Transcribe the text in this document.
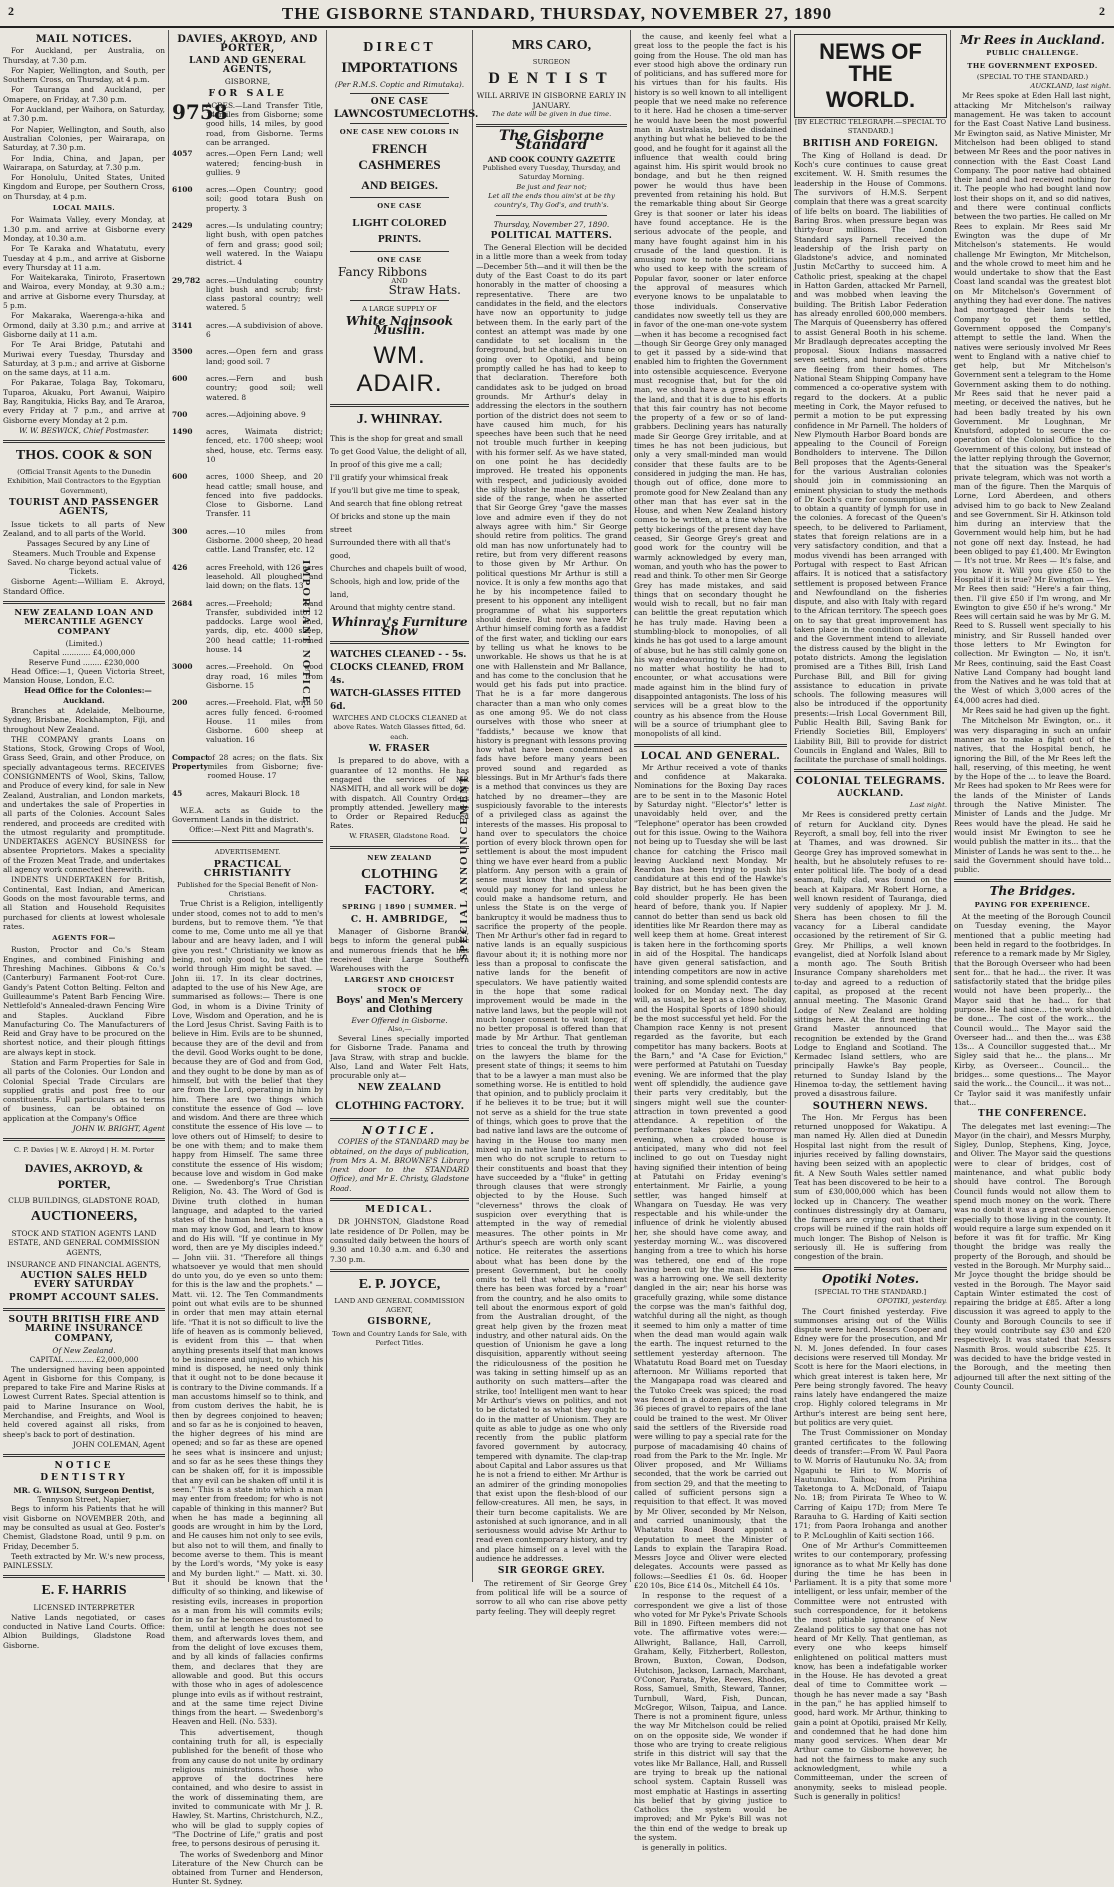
2	THE GISBORNE STANDARD, THURSDAY, NOVEMBER 27, 1890	2
MAIL NOTICES.

For Auckland, per Australia, on Thursday, at 7.30 p.m.

For Napier, Wellington, and South, per Southern Cross, on Thursday, at 4 p.m.

For Tauranga and Auckland, per Omapere, on Friday, at 7.30 p.m.

For Auckland, per Waihora, on Saturday, at 7.30 p.m.

For Napier, Wellington, and South, also Australian Colonies, per Wairarapa, on Saturday, at 7.30 p.m.

For India, China, and Japan, per Wairarapa, on Saturday, at 7.30 p.m.

For Honolulu, United States, United Kingdom and Europe, per Southern Cross, on Thursday, at 4 p.m.

LOCAL MAILS.

For Waimata Valley, every Monday, at 1.30 p.m. and arrive at Gisborne every Monday, at 10.30 a.m.

For Te Karaka and Whatatutu, every Tuesday at 4 p.m., and arrive at Gisborne every Thursday at 11 a.m.

For Waitekaraka, Tiniroto, Frasertown and Wairoa, every Monday, at 9.30 a.m.; and arrive at Gisborne every Thursday, at 5 p.m.

For Makaraka, Waerenga-a-hika and Ormond, daily at 3.30 p.m.; and arrive at Gisborne daily at 11 a.m.

For Te Arai Bridge, Patutahi and Muriwai every Tuesday, Thursday and Saturday, at 3 p.m.; and arrive at Gisborne on the same days, at 11 a.m.

For Pakarae, Tolaga Bay, Tokomaru, Tuparoa, Akuaku, Port Awanui, Waipiro Bay, Rangitukia, Hicks Bay, and Te Araroa, every Friday at 7 p.m., and arrive at Gisborne every Monday at 2 p.m.

W. W. BESWICK, Chief Postmaster.
THOS. COOK & SON
(Official Transit Agents to the Dunedin Exhibition, Mail Contractors to the Egyptian Government),
TOURIST AND PASSENGER AGENTS,

Issue tickets to all parts of New Zealand, and to all parts of the World.

Passages Secured by any Line of Steamers. Much Trouble and Expense Saved. No charge beyond actual value of Tickets.

Gisborne Agent:—William E. Akroyd, Standard Office.

NEW ZEALAND LOAN AND MERCANTILE AGENCY COMPANY
(Limited.)
Capital ............ £4,000,000
Reserve Fund ........ £230,000

Head Office:—1, Queen Victoria Street, Mansion House, London, E.C.

Head Office for the Colonies:—Auckland.

Branches at Adelaide, Melbourne, Sydney, Brisbane, Rockhampton, Fiji, and throughout New Zealand.

THE COMPANY grants Loans on Stations, Stock, Growing Crops of Wool, Grass Seed, Grain, and other Produce, on specially advantageous terms. RECEIVES CONSIGNMENTS of Wool, Skins, Tallow, and Produce of every kind, for sale in New Zealand, Australian, and London markets, and undertakes the sale of Properties in all parts of the Colonies. Account Sales rendered, and proceeds are credited with the utmost regularity and promptitude. UNDERTAKES AGENCY BUSINESS for absentee Proprietors. Makes a speciality of the Frozen Meat Trade, and undertakes all agency work connected therewith.

INDENTS UNDERTAKEN for British, Continental, East Indian, and American Goods on the most favourable terms, and all Station and Household Requisites purchased for clients at lowest wholesale rates.

AGENTS FOR—

Ruston, Proctor and Co.'s Steam Engines, and combined Finishing and Threshing Machines. Gibbons & Co.'s (Canterbury) Farmanent Foot-rot Cure. Gandy's Patent Cotton Belting. Felton and Guilleaumme's Patent Barb Fencing Wire. Nettlefold's Annealed-drawn Fencing Wire and Staples. Auckland Fibre Manufacturing Co. The Manufacturers of Reid and Gray have to be procured on the shortest notice, and their plough fittings are always kept in stock.

Station and Farm Properties for Sale in all parts of the Colonies. Our London and Colonial Special Trade Circulars are supplied gratis and post free to our constituents. Full particulars as to terms of business, can be obtained on application at the Company's Office

JOHN W. BRIGHT, Agent
C. P. Davies | W. E. Akroyd | H. M. Porter
DAVIES, AKROYD, & PORTER,
CLUB BUILDINGS, GLADSTONE ROAD,
AUCTIONEERS,
STOCK AND STATION AGENTS LAND ESTATE, AND GENERAL COMMISSION AGENTS,
INSURANCE AND FINANCIAL AGENTS,
AUCTION SALES HELD EVERY SATURDAY
PROMPT ACCOUNT SALES.
SOUTH BRITISH FIRE AND MARINE INSURANCE COMPANY,
Of New Zealand.
CAPITAL ............ £2,000,000

The undersigned having been appointed Agent in Gisborne for this Company, is prepared to take Fire and Marine Risks at Lowest Current Rates. Special attention is paid to Marine Insurance on Wool, Merchandise, and Freights, and Wool is held covered against all risks, from sheep's back to port of destination.

JOHN COLEMAN, Agent
NOTICE
DENTISTRY
MR. G. WILSON, Surgeon Dentist,
Tennyson Street, Napier,

Begs to inform his Patients that he will visit Gisborne on NOVEMBER 20th, and may be consulted as usual at Geo. Foster's Chemist, Gladstone Road, until 9 p.m. on Friday, December 5.

Teeth extracted by Mr. W.'s new process, PAINLESSLY.

E. F. HARRIS
LICENSED INTERPRETER

Native Lands negotiated, or cases conducted in Native Land Courts. Office: Albion Buildings, Gladstone Road Gisborne.

DAVIES, AKROYD, AND PORTER,
LAND AND GENERAL AGENTS,
GISBORNE,
FOR SALE
9758
ACRES.—Land Transfer Title, 14 miles from Gisborne; some good hills, 14 miles, by good road, from Gisborne. Terms can be arranged.
4057	acres.—Open Fern Land; well watered; fencing-bush in gullies. 9
6100	acres.—Open Country; good soil; good totara Bush on property. 3
2429	acres.—Is undulating country; light bush, with open patches of fern and grass; good soil; well watered. In the Waiapu district. 4
29,782 acres.—Undulating country light bush and scrub; first-class pastoral country; well watered. 5
3141	acres.—A subdivision of above. 6
3500	acres.—Open fern and grass land; good soil. 7
600	acres.—Fern and bush country; good soil; well watered. 8
700	acres.—Adjoining above. 9
1490	acres, Waimata district; fenced, etc. 1700 sheep; wool shed, house, etc. Terms easy. 10
600	acres, 1000 Sheep, and 20 head cattle; small house, and fenced into five paddocks. Close to Gisborne. Land Transfer. 11
300	acres.—10 miles from Gisborne. 2000 sheep, 20 head cattle. Land Transfer, etc. 12
426	acres Freehold, with 126 acres leasehold. All ploughed and laid down; on the flats. 13
2684	acres.—Freehold; Land Transfer, subdivided into 12 paddocks. Large wool shed, yards, dip, etc. 4000 sheep, 200 head cattle; 11-roomed house. 14
3000	acres.—Freehold. On good dray road, 16 miles from Gisborne. 15
200	acres.—Freehold. Flat, with 50 acres fully fenced. 6-roomed House. 11 miles from Gisborne. 600 sheep at valuation. 16
Compact Property
of 28 acres; on the flats. Six miles from Gisborne; five-roomed House. 17
45	acres, Makauri Block. 18

W.E.A. acts as Guide to the Government Lands in the district.

Office:—Next Pitt and Magrath's.

ADVERTISEMENT.
PRACTICAL CHRISTIANITY
Published for the Special Benefit of Non-Christians.

True Christ is a Religion, intelligently under stood, comes not to add to men's burdens, but to remove them. "Ye that come to me, Come unto me all ye that labour and are heavy laden, and I will give you rest." Christianity we know as being, not only good to, but that the world through Him might be saved. — John iii. 17. In its clear doctrines, adapted to the use of his New Age, are summarised as follows:— There is one God, in whom is a Divine Trinity of Love, Wisdom and Operation, and he is the Lord Jesus Christ. Saving Faith is to believe in Him. Evils are to be shunned, because they are of the devil and from the devil. Good Works ought to be done, because they are of God and from God, and they ought to be done by man as of himself, but with the belief that they are from the Lord, operating in him by him. There are two things which constitute the essence of God — love and wisdom. And there are three which constitute the essence of His love — to love others out of Himself; to desire to be one with them; and to make them happy from Himself. The same three constitute the essence of His wisdom; because love and wisdom in God make one. — Swedenborg's True Christian Religion, No. 43. The Word of God is Divine truth clothed in human language, and adapted to the varied states of the human heart, that thus a man may know God, and learn to know and do His will. "If ye continue in My word, then are ye My disciples indeed." — John viii. 31. "Therefore all things whatsoever ye would that men should do unto you, do ye even so unto them: for this is the law and the prophets." — Matt. vii. 12. The Ten Commandments point out what evils are to be shunned in order that men may attain eternal life. "That it is not so difficult to live the life of heaven as is commonly believed, is evident from this — that when anything presents itself that man knows to be insincere and unjust, to which his mind is disposed, he need only think that it ought not to be done because it is contrary to the Divine commands. If a man accustoms himself so to think, and from custom derives the habit, he is then by degrees conjoined to heaven; and so far as he is conjoined to heaven, the higher degrees of his mind are opened; and so far as these are opened he sees what is insincere and unjust; and so far as he sees these things they can be shaken off, for it is impossible that any evil can be shaken off until it is seen." This is a state into which a man may enter from freedom; for who is not capable of thinking in this manner? But when he has made a beginning all goods are wrought in him by the Lord, and He causes him not only to see evils, but also not to will them, and finally to become averse to them. This is meant by the Lord's words, "My yoke is easy and My burden light." — Matt. xi. 30. But it should be known that the difficulty of so thinking, and likewise of resisting evils, increases in proportion as a man from his will commits evils; for in so far he becomes accustomed to them, until at length he does not see them, and afterwards loves them, and from the delight of love excuses them, and by all kinds of fallacies confirms them, and declares that they are allowable and good. But this occurs with those who in ages of adolescence plunge into evils as if without restraint, and at the same time reject Divine things from the heart. — Swedenborg's Heaven and Hell. (No. 533).

This advertisement, though containing truth for all, is especially published for the benefit of those who from any cause do not unite by ordinary religious ministrations. Those who approve of the doctrines here contained, and who desire to assist in the work of disseminating them, are invited to communicate with Mr J. R. Hawley, St. Martins, Christchurch, N.Z., who will be glad to supply copies of "The Doctrine of Life," gratis and post free, to persons desirous of perusing it.

The works of Swedenborg and Minor Literature of the New Church can be obtained from Turner and Henderson, Hunter St. Sydney.

DIRECT
IMPORTATIONS
(Per R.M.S. Coptic and Rimutaka).
ONE CASE
LAWN COSTUME CLOTHS.
ONE CASE NEW COLORS IN
FRENCH CASHMERES
AND BEIGES.
ONE CASE
LIGHT COLORED PRINTS.
ONE CASE
Fancy Ribbons
AND
Straw Hats.
A LARGE SUPPLY OF
White Nainsook Muslin.
WM. ADAIR.
J. WHINRAY.
This is the shop for great and small
To get Good Value, the delight of all,
In proof of this give me a call;
I'll gratify your whimsical freak
If you'll but give me time to speak,
And search that fine oblong retreat
Of bricks and stone up the main street
Surrounded there with all that's good,
Churches and chapels built of wood,
Schools, high and low, pride of the land,
Around that mighty centre stand.
Whinray's Furniture Show
WATCHES CLEANED - - 5s.
CLOCKS CLEANED, FROM 4s.
WATCH-GLASSES FITTED 6d.
WATCHES AND CLOCKS CLEANED at above Rates. Watch Glasses fitted, 6d. each.
W. FRASER

Is prepared to do above, with a guarantee of 12 months. He has engaged the services of MR NASMITH, and all work will be done with dispatch. All Country Orders promptly attended. Jewellery made to Order or Repaired Reduced Rates.

W. FRASER, Gladstone Road.
NEW ZEALAND
CLOTHING FACTORY.
SPRING | 1890 | SUMMER.
C. H. AMBRIDGE,

Manager of Gisborne Branch, begs to inform the general public and numerous friends that he has received their Large Southern Warehouses with the

LARGEST AND CHOICEST STOCK OF
Boys' and Men's Mercery and Clothing
Ever Offered in Gisborne.
Also,—

Several Lines specially imported for Gisborne Trade. Panama and Java Straw, with strap and buckle. Also, Land and Water Felt Hats, procurable only at—

NEW ZEALAND
CLOTHING FACTORY.
NOTICE.

COPIES of the STANDARD may be obtained, on the days of publication, from Mrs A. M. BROWNE'S Library (next door to the STANDARD Office), and Mr E. Christy, Gladstone Road.

MEDICAL.

DR JOHNSTON, Gladstone Road late residence of Dr Pollen, may be consulted daily between the hours of 9.30 and 10.30 a.m. and 6.30 and 7.30 p.m.

E. P. JOYCE,
LAND AND GENERAL COMMISSION AGENT,
GISBORNE,
Town and Country Lands for Sale, with Perfect Titles.
SPECIAL ANNOUNCEMENT.
IMPORTANT NOTICE.
MRS CARO,
SURGEON
DENTIST
WILL ARRIVE IN GISBORNE EARLY IN JANUARY.
The date will be given in due time.
The Gisborne Standard
AND COOK COUNTY GAZETTE
Published every Tuesday, Thursday, and Saturday Morning.
Be just and fear not;
Let all the ends thou aim'st at be thy country's, Thy God's, and truth's.
Thursday, November 27, 1890.
POLITICAL MATTERS.

The General Election will be decided in a little more than a week from today—December 5th—and it will then be the duty of the East Coast to do its part honorably in the matter of choosing a representative. There are two candidates in the field, and the electors have now an opportunity to judge between them. In the early part of the contest an attempt was made by one candidate to set localism in the foreground, but he changed his tune on going over to Opotiki, and being promptly called he has had to keep to that declaration. Therefore both candidates ask to be judged on broad grounds. Mr Arthur's delay in addressing the electors in the southern portion of the district does not seem to have caused him much, for his speeches have been such that he need not trouble much further in keeping with his former self. As we have stated, on one point he has decidedly improved. He treated his opponents with respect, and judiciously avoided the silly bluster he made on the other side of the range, when he asserted that Sir George Grey "gave the masses love and admire even if they do not always agree with him." Sir George should retire from politics. The grand old man has now unfortunately had to retire, but from very different reasons to those given by Mr Arthur. On political questions Mr Arthur is still a novice. It is only a few months ago that he by his incompetence failed to present to his opponent any intelligent programme of what his supporters should desire. But now we have Mr Arthur himself coming forth as a faddist of the first water, and tickling our ears by telling us what he knows to be unworkable. He shows us that he is at one with Hallenstein and Mr Ballance, and has come to the conclusion that he would get his fads put into practice. That he is a far more dangerous character than a man who only comes as one among 95. We do not class ourselves with those who sneer at "faddists," because we know that history is pregnant with lessons proving how what have been condemned as fads have before many years been proved sound and regarded as blessings. But in Mr Arthur's fads there is a method that convinces us they are hatched by no dreamer—they are suspiciously favorable to the interests of a privileged class as against the interests of the masses. His proposal to hand over to speculators the choice portion of every block thrown open for settlement is about the most impudent thing we have ever heard from a public platform. Any person with a grain of sense must know that no speculator would pay money for land unless he could make a handsome return, and unless the State is on the verge of bankruptcy it would be madness thus to sacrifice the property of the people. Then Mr Arthur's other fad in regard to native lands is an equally suspicious flavour about it; it is nothing more nor less than a proposal to confiscate the native lands for the benefit of speculators. We have patiently waited in the hope that some radical improvement would be made in the native land laws, but the people will not much longer consent to wait longer, if no better proposal is offered than that made by Mr Arthur. That gentleman tries to conceal the truth by throwing on the lawyers the blame for the present state of things; it seems to him that to be a lawyer a man must also be something worse. He is entitled to hold that opinion, and to publicly proclaim it if he believes it to be true; but it will not serve as a shield for the true state of things, which goes to prove that the bad native land laws are the outcome of having in the House too many men mixed up in native land transactions — men who do not scruple to return to their constituents and boast that they have succeeded by a "fluke" in getting through clauses that were strongly objected to by the House. Such "cleverness" throws the cloak of suspicion over everything that is attempted in the way of remedial measures. The other points in Mr Arthur's speech are worth only scant notice. He reiterates the assertions about what has been done by the present Government, but he coolly omits to tell that what retrenchment there has been was forced by a "roar" from the country, and he also omits to tell about the enormous export of gold from the Australian drought, of the great help given by the frozen meat industry, and other natural aids. On the question of Unionism he gave a long disquisition, apparently without seeing the ridiculousness of the position he was taking in setting himself up as an authority on such matters—after the strike, too! Intelligent men want to hear Mr Arthur's views on politics, and not to be dictated to as what they ought to do in the matter of Unionism. They are quite as able to judge as one who only recently from the public platform favored government by autocracy, tempered with dynamite. The clap-trap about Capital and Labor assures us that he is not a friend to either. Mr Arthur is an admirer of the grinding monopolies that exist upon the flesh-blood of our fellow-creatures. All men, he says, in their turn become capitalists. We are astonished at such ignorance, and in all seriousness would advise Mr Arthur to read even contemporary history, and try and place himself on a level with the audience he addresses.

SIR GEORGE GREY.

The retirement of Sir George Grey from political life will be a source of sorrow to all who can rise above petty party feeling. They will deeply regret

the cause, and keenly feel what a great loss to the people the fact is his going from the House. The old man has ever stood high above the ordinary run of politicians, and has suffered more for his virtues than for his faults. His history is so well known to all intelligent people that we need make no reference to it here. Had he chosen a time-server he would have been the most powerful man in Australasia, but he disdained anything but what he believed to be the good, and he fought for it against all the influence that wealth could bring against him. His spirit would brook no bondage, and but he then reigned power he would thus have been prevented from retaining his hold. But the remarkable thing about Sir George Grey is that sooner or later his ideas have found acceptance. He is the serious advocate of the people, and many have fought against him in his crusade of the land question. It is amusing now to note how politicians who used to keep with the scream of Popular favor, sooner or later enforce the approval of measures which everyone knows to be unpalatable to those individuals. Conservative candidates now sweetly tell us they are in favor of the one-man one-vote system—when it has become a recognised fact—though Sir George Grey only managed to get it passed by a side-wind that enabled him to frighten the Government into ostensible acquiescence. Everyone must recognise that, but for the old man, we should have a great speak in the land, and that it is due to his efforts that this fair country has not become the property of a few or so of land-grabbers. Declining years has naturally made Sir George Grey irritable, and at times he has not been judicious, but only a very small-minded man would consider that these faults are to be considered in judging the man. He has, though out of office, done more to promote good for New Zealand than any other man that has ever sat in the House, and when New Zealand history comes to be written, at a time when the petty bickerings of the present day have ceased, Sir George Grey's great and good work for the country will be warmly acknowledged by every man, woman, and youth who has the power to read and think. To other men Sir George Grey has made mistakes, and said things that on secondary thought he would wish to recall, but no fair man can belittle the great reputation which he has truly made. Having been a stumbling-block to monopolies, of all kinds he has got used to a large amount of abuse, but he has still calmly gone on his way endeavouring to do the utmost, no matter what hostility he had to encounter, or what accusations were made against him in the blind fury of disappointed antagonists. The loss of his services will be a great blow to the country as his absence from the House will be a source of triumphant glee to monopolists of all kind.

LOCAL AND GENERAL.

Mr Arthur received a vote of thanks and confidence at Makaraka. Nominations for the Boxing Day races are to be sent in to the Masonic Hotel by Saturday night. "Elector's" letter is unavoidably held over, and the "Telephone" operator has been crowded out for this issue. Owing to the Waihora not being up to Tuesday she will be last chance for catching the Frisco mail leaving Auckland next Monday. Mr Reardon has been trying to push his candidature at this end of the Hawke's Bay district, but he has been given the cold shoulder properly. He has been heard of before, thank you. If Napier cannot do better than send us back old identities like Mr Reardon there may as well keep them at home. Great interest is taken here in the forthcoming sports in aid of the Hospital. The handicaps have given general satisfaction, and intending competitors are now in active training, and some splendid contests are looked for on Monday next. The day will, as usual, be kept as a close holiday, and the Hospital Sports of 1890 should be the most successful yet held. For the Champion race Kenny is not present regarded as the favorite, but each competitor has many backers. Boots at the Barn," and "A Case for Eviction," were performed at Patutahi on Tuesday evening. We are informed that the play went off splendidly, the audience gave their parts very creditably, but the singers might well sue the counter-attraction in town prevented a good attendance. A repetition of the performance takes place to-morrow evening, when a crowded house is anticipated, many who did not feel inclined to go out on Tuesday night having signified their intention of being at Patutahi on Friday evening's entertainment. Mr Fairlie, a young settler, was hanged himself at Whangara on Tuesday. He was very respectable and his while-under the influence of drink he violently abused her, she should have come away, and yesterday morning W... was discovered hanging from a tree to which his horse was tethered, one end of the rope having been cut by the man. His horse was a harrowing one. We sell dexterity dangled in the air; near his horse was gracefully grazing, while some distance the corpse was the man's faithful dog, watchful during all the night, as though it seemed to him only a matter of time when the dead man would again walk the earth. The inquest returned to the settlement yesterday afternoon. The Whatatutu Road Board met on Tuesday afternoon. Mr Williams reported that the Mangapapa road was cleared and the Tutoko Creek was spiced; the road was fenced in a dozen places, and that 36 pieces of gravel to repairs of the lane could be trained to the west. Mr Oliver said the settlers of the Riverside road were willing to pay a special rate for the purpose of macadamising 40 chains of road from the Park to the Mr. Ingle. Mr Oliver proposed, and Mr Williams seconded, that the work be carried out from section 29, and that the meeting to called of sufficient persons sign a requisition to that effect. It was moved by Mr Oliver, seconded by Mr Nelson, and carried unanimously, that the Whatatutu Road Board appoint a deputation to meet the Minister of Lands to explain the Tarapira Road. Messrs Joyce and Oliver were elected delegates. Accounts were passed as follows:—Seedlies £1 0s. 6d. Hooper £20 10s, Bice £14 0s., Mitchell £4 10s.

In response to the request of a correspondent we give a list of those who voted for Mr Pyke's Private Schools Bill in 1890. Fifteen members did not vote. The affirmative votes were:—Allwright, Ballance, Hall, Carroll, Graham, Kelly, Fitzherbert, Rolleston, Brown, Buxton, Cowan, Dodson, Hutchison, Jackson, Larnach, Marchant, O'Conor, Parata, Pyke, Reeves, Rhodes, Ross, Samuel, Smith, Steward, Tanner, Turnbull, Ward, Fish, Duncan, McGregor, Wilson, Taipua, and Lance. There is not a prominent figure, unless the way Mr Mitchelson could be relied on on the opposite side, We wonder if those who are trying to create religious strife in this district will say that the votes like Mr Ballance, Hall, and Russell are trying to break up the national school system. Captain Russell was most emphatic at Hastings in asserting his belief that by giving justice to Catholics the system would be improved; and Mr Pyke's Bill was not the thin end of the wedge to break up the system.

is generally in politics.

NEWS OF THE
WORLD.
[BY ELECTRIC TELEGRAPH.—SPECIAL TO STANDARD.]
BRITISH AND FOREIGN.

The King of Holland is dead. Dr Koch's cure continues to cause great excitement. W. H. Smith resumes the leadership in the House of Commons. The survivors of H.M.S. Serpent complain that there was a great scarcity of life belts on board. The liabilities of Baring Bros. when pressure began was thirty-four millions. The London Standard says Parnell received the leadership of the Irish party on Gladstone's advice, and nominated Justin McCarthy to succeed him. A Catholic priest, speaking at the chapel in Hatton Garden, attacked Mr Parnell, and was mobbed when leaving the building. The British Labor Federation has already enrolled 600,000 members. The Marquis of Queensberry has offered to assist General Booth in his scheme. Mr Bradlaugh deprecates accepting the proposal. Sioux Indians massacred seven settlers, and hundreds of others are fleeing from their homes. The National Steam Shipping Company have commenced a co-operative system with regard to the dockers. At a public meeting in Cork, the Mayor refused to permit a motion to be put expressing confidence in Mr Parnell. The holders of New Plymouth Harbor Board bonds are appealing to the Council of Foreign Bondholders to intervene. The Dillon Bell proposes that the Agents-General for the various Australian colonies should join in commissioning an eminent physician to study the methods of Dr Koch's cure for consumption, and to obtain a quantity of lymph for use in the colonies. A forecast of the Queen's speech, to be delivered to Parliament, states that foreign relations are in a very satisfactory condition, and that a modus vivendi has been arranged with Portugal with respect to East African affairs. It is noticed that a satisfactory settlement is proposed between France and Newfoundland on the fisheries dispute, and also with Italy with regard to the African territory. The speech goes on to say that great improvement has taken place in the condition of Ireland, and the Government intend to alleviate the distress caused by the blight in the potato districts. Among the legislation promised are a Tithes Bill, Irish Land Purchase Bill, and Bill for giving assistance to education in private schools. The following measures will also be introduced if the opportunity presents:—Irish Local Government Bill, Public Health Bill, Saving Bank for Friendly Societies Bill, Employers' Liability Bill, Bill to provide for district Councils in England and Wales, Bill to facilitate the purchase of small holdings.

COLONIAL TELEGRAMS.
AUCKLAND.
Last night.

Mr Rees is considered pretty certain of return for Auckland city. Dynes Reycroft, a small boy, fell into the river at Thames, and was drowned. Sir George Grey has improved somewhat in health, but he absolutely refuses to re-enter political life. The body of a dead seaman, fully clad, was found on the beach at Kaipara. Mr Robert Horne, a well known resident of Tauranga, died very suddenly of apoplexy. Mr J. M. Shera has been chosen to fill the vacancy for a Liberal candidate occasioned by the retirement of Sir G. Grey. Mr Phillips, a well known evangelist, died at Norfolk Island about a month ago. The South British Insurance Company shareholders met to-day and agreed to a reduction of capital, as proposed at the recent annual meeting. The Masonic Grand Lodge of New Zealand are holding sittings here. At the first meeting the Grand Master announced that recognition be extended by the Grand Lodge to England and Scotland. The Kermadec Island settlers, who are principally Hawke's Bay people, returned to Sunday Island by the Hinemoa to-day, the settlement having proved a disastrous failure.

SOUTHERN NEWS.

The Hon. Mr Fergus has been returned unopposed for Wakatipu. A man named Hy. Allen died at Dunedin Hospital last night from the result of injuries received by falling downstairs, having been seized with an apoplectic fit. A New South Wales settler named Teat has been discovered to be heir to a sum of £30,000,000 which has been locked up in Chancery. The weather continues distressingly dry at Oamaru, the farmers are crying out that their crops will be ruined if the rain holds off much longer. The Bishop of Nelson is seriously ill. He is suffering from congestion of the brain.

Opotiki Notes.
[SPECIAL TO THE STANDARD.]
OPOTIKI, yesterday.

The Court finished yesterday. Five summonses arising out of the Willis dispute were heard. Messrs Cooper and Edney were for the prosecution, and Mr N. M. Jones defended. In four cases decisions were reserved till Monday. Mr Scott is here for the Maori elections, in which great interest is taken here, Mr Pere being strongly favored. The heavy rains lately have endangered the maize crop. Highly colored telegrams in Mr Arthur's interest are being sent here, but politics are very quiet.

The Trust Commissioner on Monday granted certificates to the following deeds of transfer:—From W. Paul Paora to W. Morris of Hautunuku No. 3A; from Ngapuhi te Hiri to W. Morris of Hautunuku. Taihoa; from Pirihina Taketonga to A. McDonald, of Taiapu No. 1B; from Pirirata Te Wheo to W. Carring of Kaipu 17D; from Mere Te Rarauha to G. Harding of Kaiti section 171; from Paora Irohanga and another to P. McLoughlin of Kaiti section 166.

One of Mr Arthur's Committeemen writes to our contemporary, professing ignorance as to what Mr Kelly has done during the time he has been in Parliament. It is a pity that some more intelligent, or less unfair, member of the Committee were not entrusted with such correspondence, for it betokens the most pitiable ignorance of New Zealand politics to say that one has not heard of Mr Kelly. That gentleman, as every one who keeps himself enlightened on political matters must know, has been a indefatigable worker in the House. He has devoted a great deal of time to Committee work — though he has never made a say "Bash in the pan," he has applied himself to good, hard work. Mr Arthur, thinking to gain a point at Opotiki, praised Mr Kelly, and condemned that he had done him many good services. When dear Mr Arthur came to Gisborne however, he had not the fairness to make any such acknowledgment, while a Committeeman, under the screen of anonymity, seeks to mislead people. Such is generally in politics!

Mr Rees in Auckland.
PUBLIC CHALLENGE.
THE GOVERNMENT EXPOSED.
(SPECIAL TO THE STANDARD.)
AUCKLAND, last night.

Mr Rees spoke at Eden Hall last night, attacking Mr Mitchelson's railway management. He was taken to account for the East Coast Native Land business. Mr Ewington said, as Native Minister, Mr Mitchelson had been obliged to stand between Mr Rees and the poor natives in connection with the East Coast Land Company. The poor native had obtained their land and had received nothing for it. The people who had bought land now lost their shops on it, and so did natives, and there were continual conflicts between the two parties. He called on Mr Rees to explain. Mr Rees said Mr Ewington was the dupe of Mr Mitchelson's statements. He would challenge Mr Ewington, Mr Mitchelson, and the whole crowd to meet him and he would undertake to show that the East Coast land scandal was the greatest blot on Mr Mitchelson's Government of anything they had ever done. The natives had mortgaged their lands to the Company to get them settled, Government opposed the Company's attempt to settle the land. When the natives were seriously involved Mr Rees went to England with a native chief to get help, but Mr Mitchelson's Government sent a telegram to the Home Government asking them to do nothing. Mr Rees said that he never paid a meeting, or deceived the natives, but he had been badly treated by his own Government. Mr Loughnan, Mr Knutsford, adopted to secure the co-operation of the Colonial Office to the Government of this colony, but instead of the latter replying through the Governor, that the situation was the Speaker's private telegram, which was not worth a man of the figure. Then the Marquis of Lorne, Lord Aberdeen, and others advised him to go back to New Zealand and see Government. Sir H. Atkinson told him during an interview that the Government would help him, but he had not gone off next day. Instead, he had been obliged to pay £1,400. Mr Ewington — It's not true. Mr Rees — It's false, and you know it. Will you give £50 to the Hospital if it is true? Mr Ewington — Yes. Mr Rees then said: "Here's a fair thing, then. I'll give £50 if I'm wrong, and Mr Ewington to give £50 if he's wrong." Mr Rees will certain said he was by Mr G. M. Reed to S. Russell went specially to his ministry, and Sir Russell handed over those letters to Mr Ewington for collection. Mr Ewington — No, it isn't. Mr Rees, continuing, said the East Coast Native Land Company had bought land from the Natives and he was told that at the West of which 3,000 acres of the £4,000 acres had died.

Mr Rees said he had given up the fight.

The Mitchelson Mr Ewington, or... it was very disparaging in such an unfair manner as to make a fight out of the natives, that the Hospital bench, he ignoring the Bill, of the Mr Rees left the hall, reserving, of this meeting, he went by the Hope of the ... to leave the Board. Mr Rees had spoken to Mr Rees were for the lands of the Minister of Lands through the Native Minister. The Minister of Lands and the Judge. Mr Rees would have the plead. He said he would insist Mr Ewington to see he would publish the matter in its... that the Minister of Lands he was sent to the... he said the Government should have told... public.

The Bridges.
PAYING FOR EXPERIENCE.

At the meeting of the Borough Council on Tuesday evening, the Mayor mentioned that a public meeting had been held in regard to the footbridges. In reference to a remark made by Mr Sigley, that the Borough Overseer who had been sent for... that he had... the river. It was satisfactorily stated that the bridge piles would not have been properly... the Mayor said that he had... for that purpose. He had since... the work should be done... The cost of the work... the Council would... The Mayor said the Overseer had... and then the... was £38 13s... A Councillor suggested that... Mr Sigley said that he... the plans... Mr Kirby, as Overseer... Council... the bridges... some questions... The Mayor said the work... the Council... it was not... Cr Taylor said it was manifestly unfair that...

THE CONFERENCE.

The delegates met last evening:—The Mayor (in the chair), and Messrs Murphy, Sigley, Dunlop, Stephens, King, Joyce, and Oliver. The Mayor said the questions were to clear of bridges, cost of maintenance, and what public body should have control. The Borough Council funds would not allow them to spend much money on the work. There was no doubt it was a great convenience, especially to those living in the county. It would require a large sum expended on it before it was fit for traffic. Mr King thought the bridge was really the property of the Borough, and should be vested in the Borough. Mr Murphy said... Mr Joyce thought the bridge should be vested in the Borough. The Mayor said Captain Winter estimated the cost of repairing the bridge at £85. After a long discussion it was agreed to apply to the County and Borough Councils to see if they would contribute say £30 and £20 respectively. It was stated that Messrs Nasmith Bros. would subscribe £25. It was decided to have the bridge vested in the Borough, and the meeting then adjourned till after the next sitting of the County Council.
